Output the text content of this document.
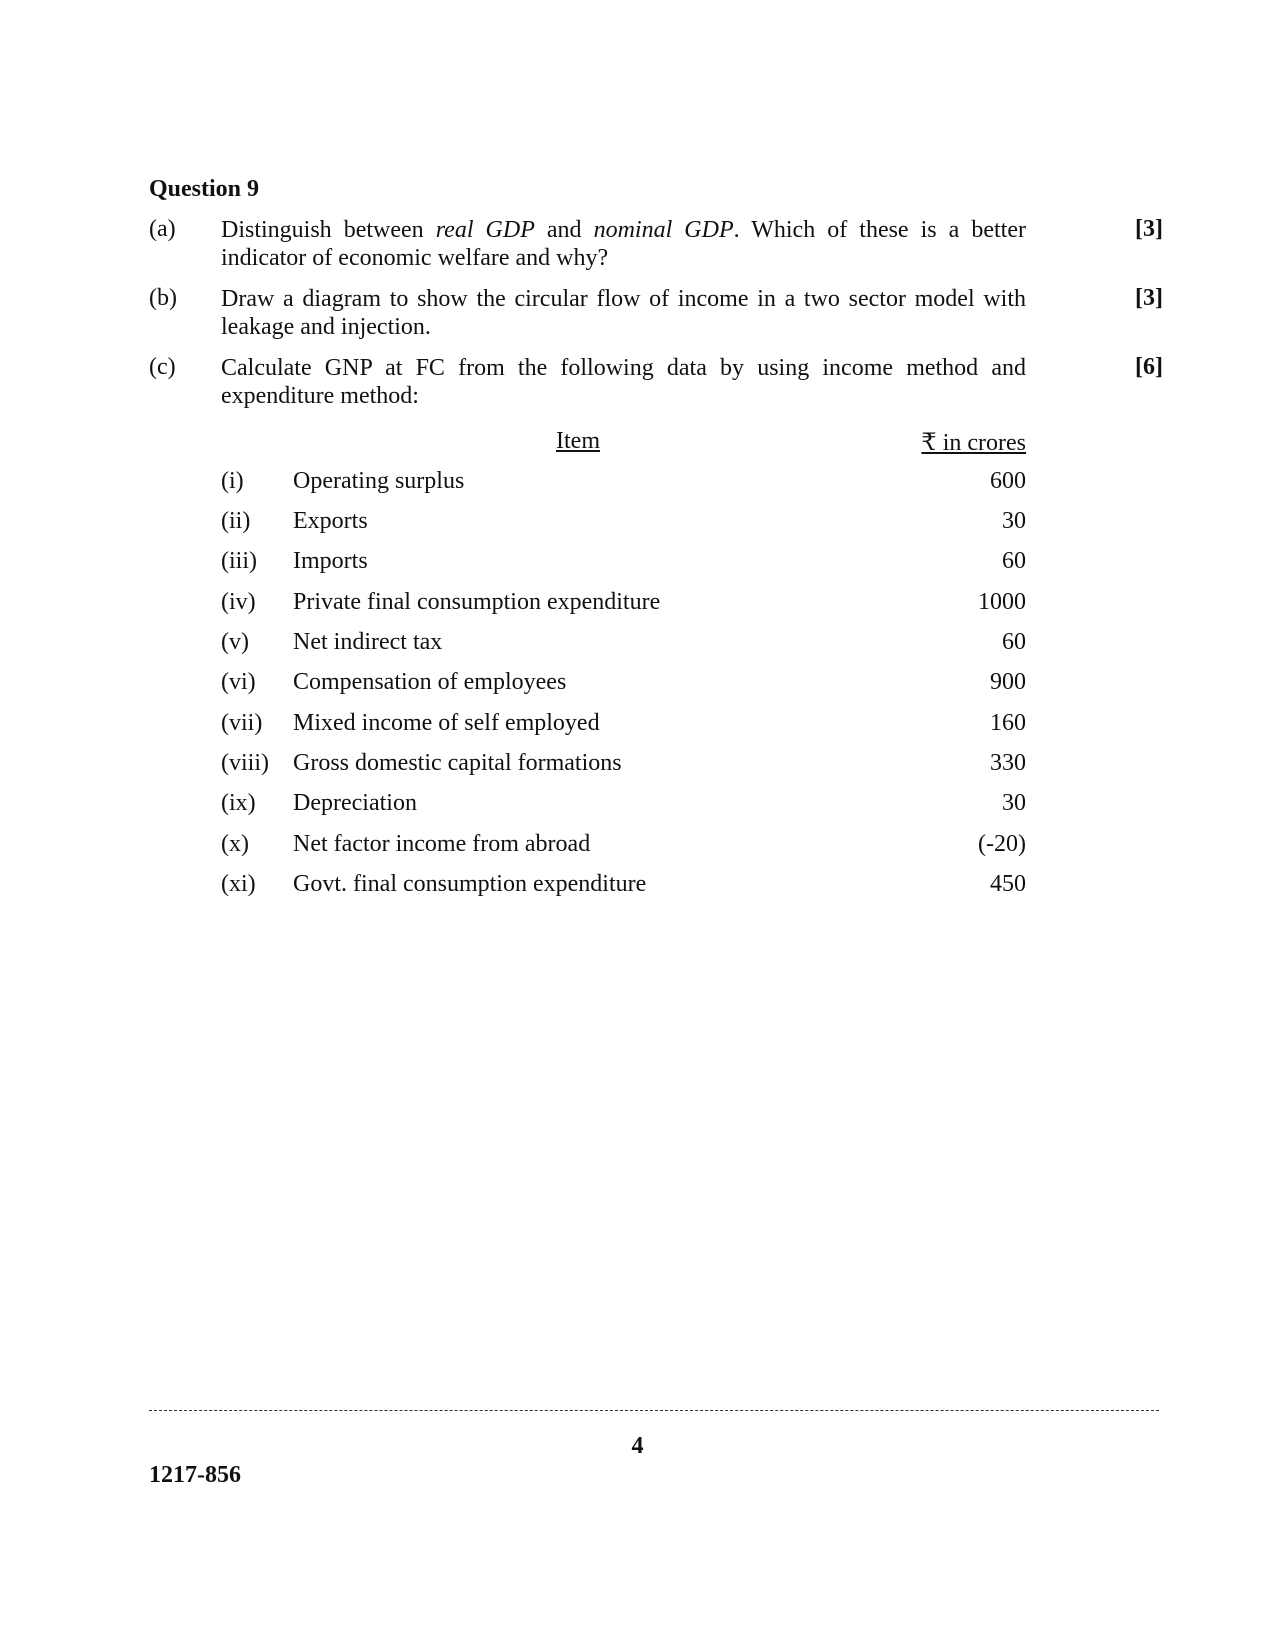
Question 9
(a) Distinguish between real GDP and nominal GDP. Which of these is a better indicator of economic welfare and why?
[3]
(b) Draw a diagram to show the circular flow of income in a two sector model with leakage and injection.
[3]
(c) Calculate GNP at FC from the following data by using income method and expenditure method:
[6]
Item	₹ in crores
(i) Operating surplus	600
(ii) Exports	30
(iii) Imports	60
(iv) Private final consumption expenditure	1000
(v) Net indirect tax	60
(vi) Compensation of employees	900
(vii) Mixed income of self employed	160
(viii) Gross domestic capital formations	330
(ix) Depreciation	30
(x) Net factor income from abroad	(-20)
(xi) Govt. final consumption expenditure	450
4
1217-856
